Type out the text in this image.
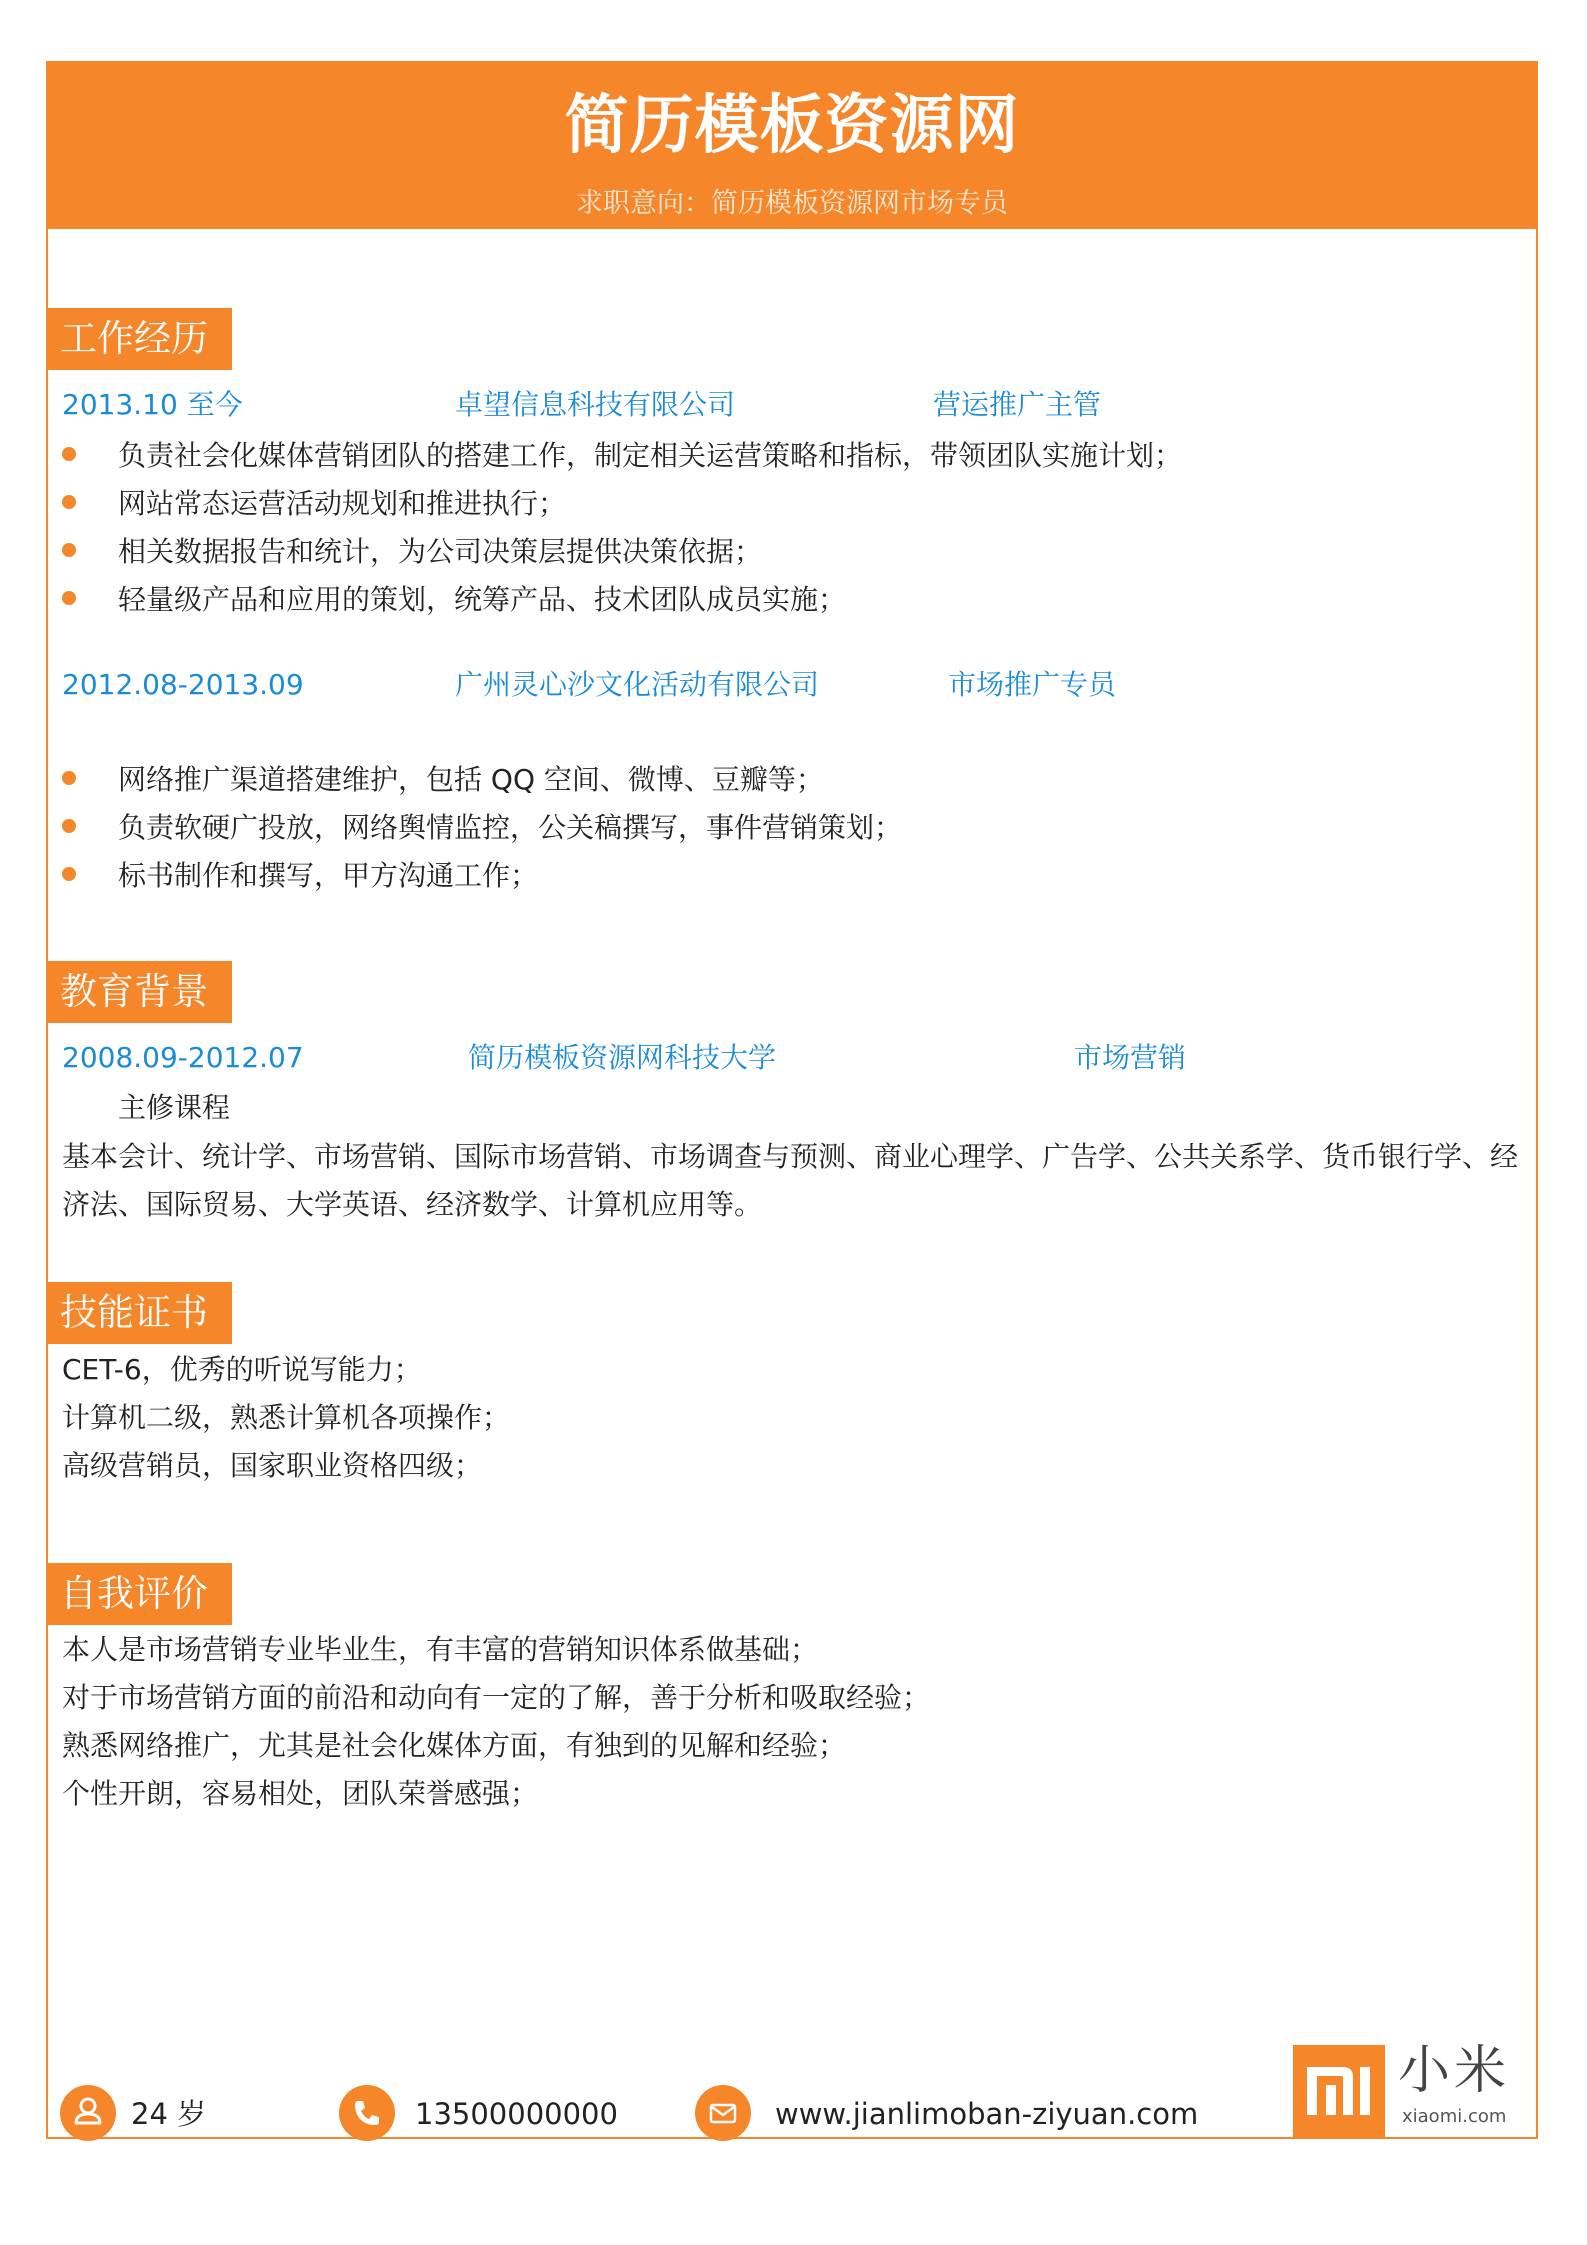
简历模板资源网
求职意向：简历模板资源网市场专员
工作经历
2013.10 至今	卓望信息科技有限公司	营运推广主管
负责社会化媒体营销团队的搭建工作，制定相关运营策略和指标，带领团队实施计划；
网站常态运营活动规划和推进执行；
相关数据报告和统计，为公司决策层提供决策依据；
轻量级产品和应用的策划，统筹产品、技术团队成员实施；
2012.08-2013.09	广州灵心沙文化活动有限公司	市场推广专员
网络推广渠道搭建维护，包括 QQ 空间、微博、豆瓣等；
负责软硬广投放，网络舆情监控，公关稿撰写，事件营销策划；
标书制作和撰写，甲方沟通工作；
教育背景
2008.09-2012.07	简历模板资源网科技大学	市场营销
主修课程
基本会计、统计学、市场营销、国际市场营销、市场调查与预测、商业心理学、广告学、公共关系学、货币银行学、经济法、国际贸易、大学英语、经济数学、计算机应用等。
技能证书
CET-6，优秀的听说写能力；
计算机二级，熟悉计算机各项操作；
高级营销员，国家职业资格四级；
自我评价
本人是市场营销专业毕业生，有丰富的营销知识体系做基础；
对于市场营销方面的前沿和动向有一定的了解，善于分析和吸取经验；
熟悉网络推广，尤其是社会化媒体方面，有独到的见解和经验；
个性开朗，容易相处，团队荣誉感强；
24 岁	13500000000	www.jianlimoban-ziyuan.com
小米
xiaomi.com
